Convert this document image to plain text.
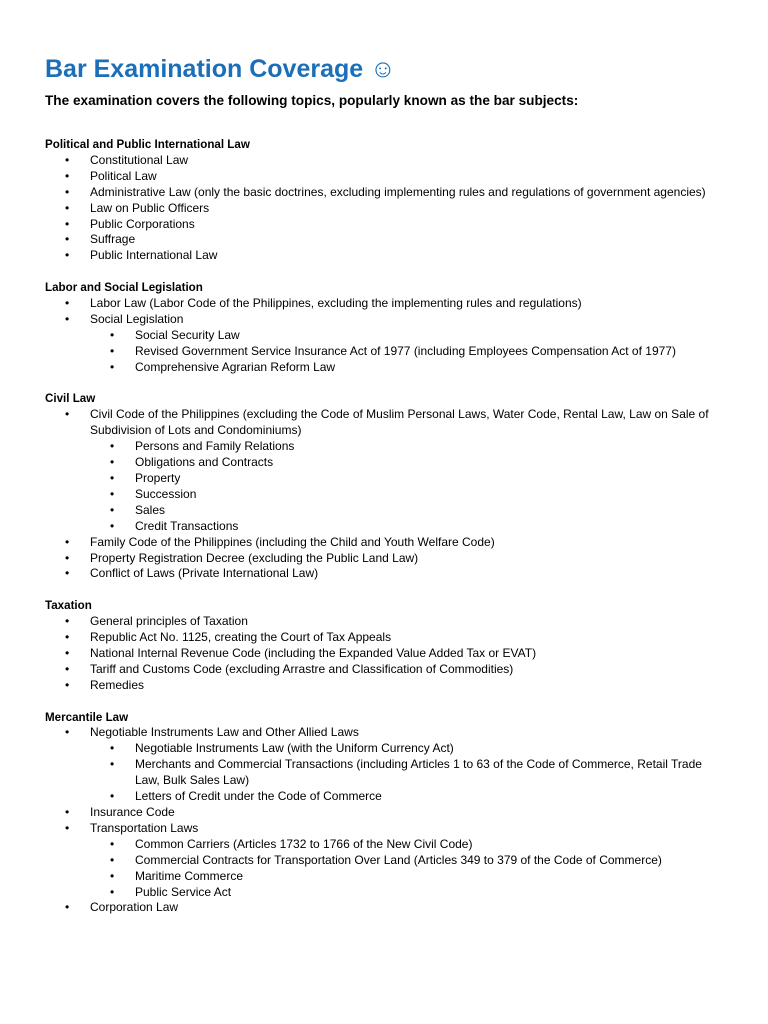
Bar Examination Coverage ☺
The examination covers the following topics, popularly known as the bar subjects:
Political and Public International Law
• Constitutional Law
• Political Law
• Administrative Law (only the basic doctrines, excluding implementing rules and regulations of government agencies)
• Law on Public Officers
• Public Corporations
• Suffrage
• Public International Law
Labor and Social Legislation
• Labor Law (Labor Code of the Philippines, excluding the implementing rules and regulations)
• Social Legislation
• Social Security Law
• Revised Government Service Insurance Act of 1977 (including Employees Compensation Act of 1977)
• Comprehensive Agrarian Reform Law
Civil Law
• Civil Code of the Philippines (excluding the Code of Muslim Personal Laws, Water Code, Rental Law, Law on Sale of Subdivision of Lots and Condominiums)
• Persons and Family Relations
• Obligations and Contracts
• Property
• Succession
• Sales
• Credit Transactions
• Family Code of the Philippines (including the Child and Youth Welfare Code)
• Property Registration Decree (excluding the Public Land Law)
• Conflict of Laws (Private International Law)
Taxation
• General principles of Taxation
• Republic Act No. 1125, creating the Court of Tax Appeals
• National Internal Revenue Code (including the Expanded Value Added Tax or EVAT)
• Tariff and Customs Code (excluding Arrastre and Classification of Commodities)
• Remedies
Mercantile Law
• Negotiable Instruments Law and Other Allied Laws
• Negotiable Instruments Law (with the Uniform Currency Act)
• Merchants and Commercial Transactions (including Articles 1 to 63 of the Code of Commerce, Retail Trade Law, Bulk Sales Law)
• Letters of Credit under the Code of Commerce
• Insurance Code
• Transportation Laws
• Common Carriers (Articles 1732 to 1766 of the New Civil Code)
• Commercial Contracts for Transportation Over Land (Articles 349 to 379 of the Code of Commerce)
• Maritime Commerce
• Public Service Act
• Corporation Law
